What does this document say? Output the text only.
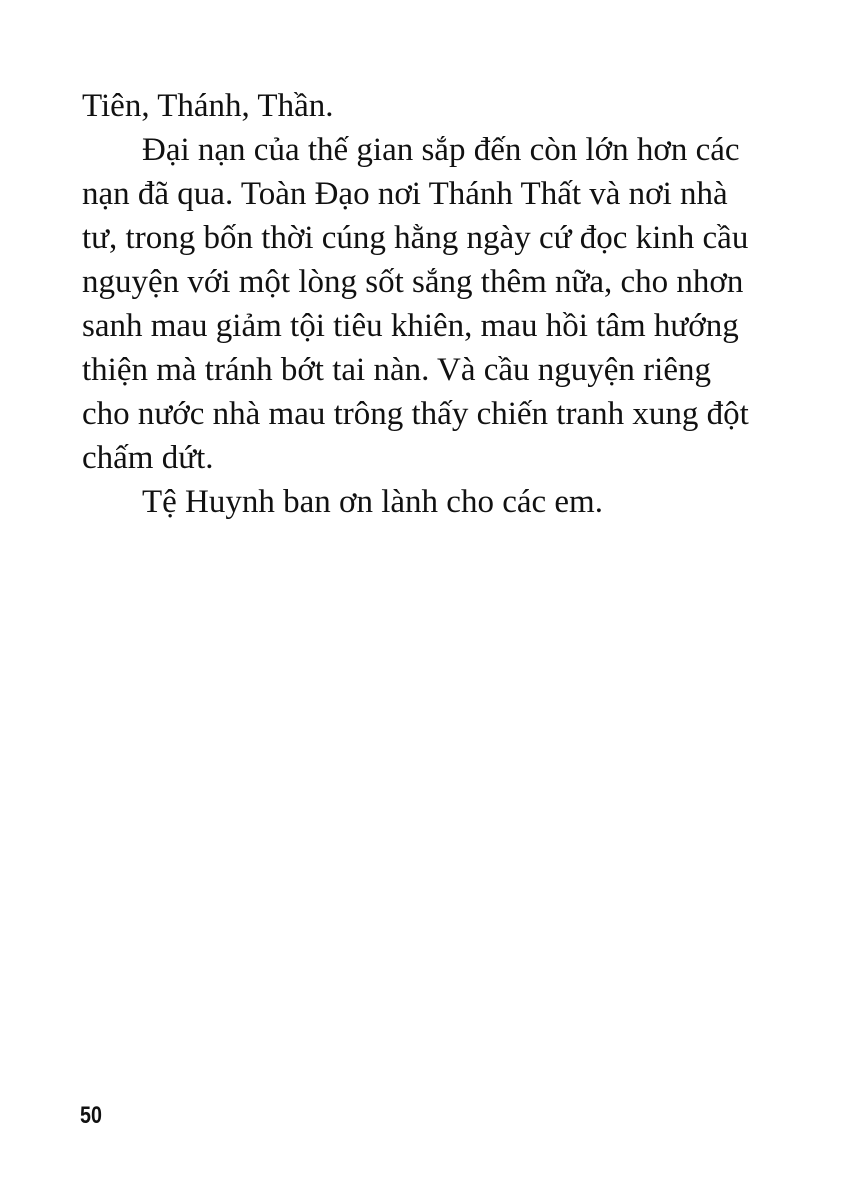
Tiên, Thánh, Thần.
Đại nạn của thế gian sắp đến còn lớn hơn các
nạn đã qua. Toàn Đạo nơi Thánh Thất và nơi nhà
tư, trong bốn thời cúng hằng ngày cứ đọc kinh cầu
nguyện với một lòng sốt sắng thêm nữa, cho nhơn
sanh mau giảm tội tiêu khiên, mau hồi tâm hướng
thiện mà tránh bớt tai nàn. Và cầu nguyện riêng
cho nước nhà mau trông thấy chiến tranh xung đột
chấm dứt.
Tệ Huynh ban ơn lành cho các em.
50
